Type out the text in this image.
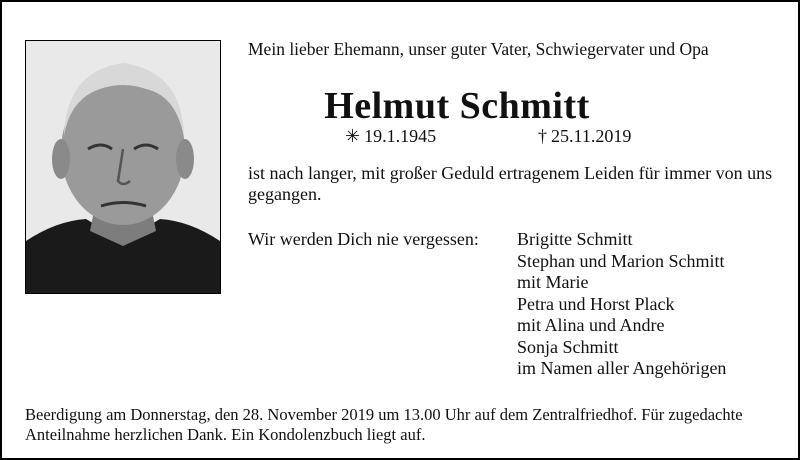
Mein lieber Ehemann, unser guter Vater, Schwiegervater und Opa
Helmut Schmitt
✳ 19.1.1945	† 25.11.2019
ist nach langer, mit großer Geduld ertragenem Leiden für immer von uns gegangen.
Wir werden Dich nie vergessen: Brigitte Schmitt
Stephan und Marion Schmitt
mit Marie
Petra und Horst Plack
mit Alina und Andre
Sonja Schmitt
im Namen aller Angehörigen
Beerdigung am Donnerstag, den 28. November 2019 um 13.00 Uhr auf dem Zentralfriedhof. Für zugedachte Anteilnahme herzlichen Dank. Ein Kondolenzbuch liegt auf.
